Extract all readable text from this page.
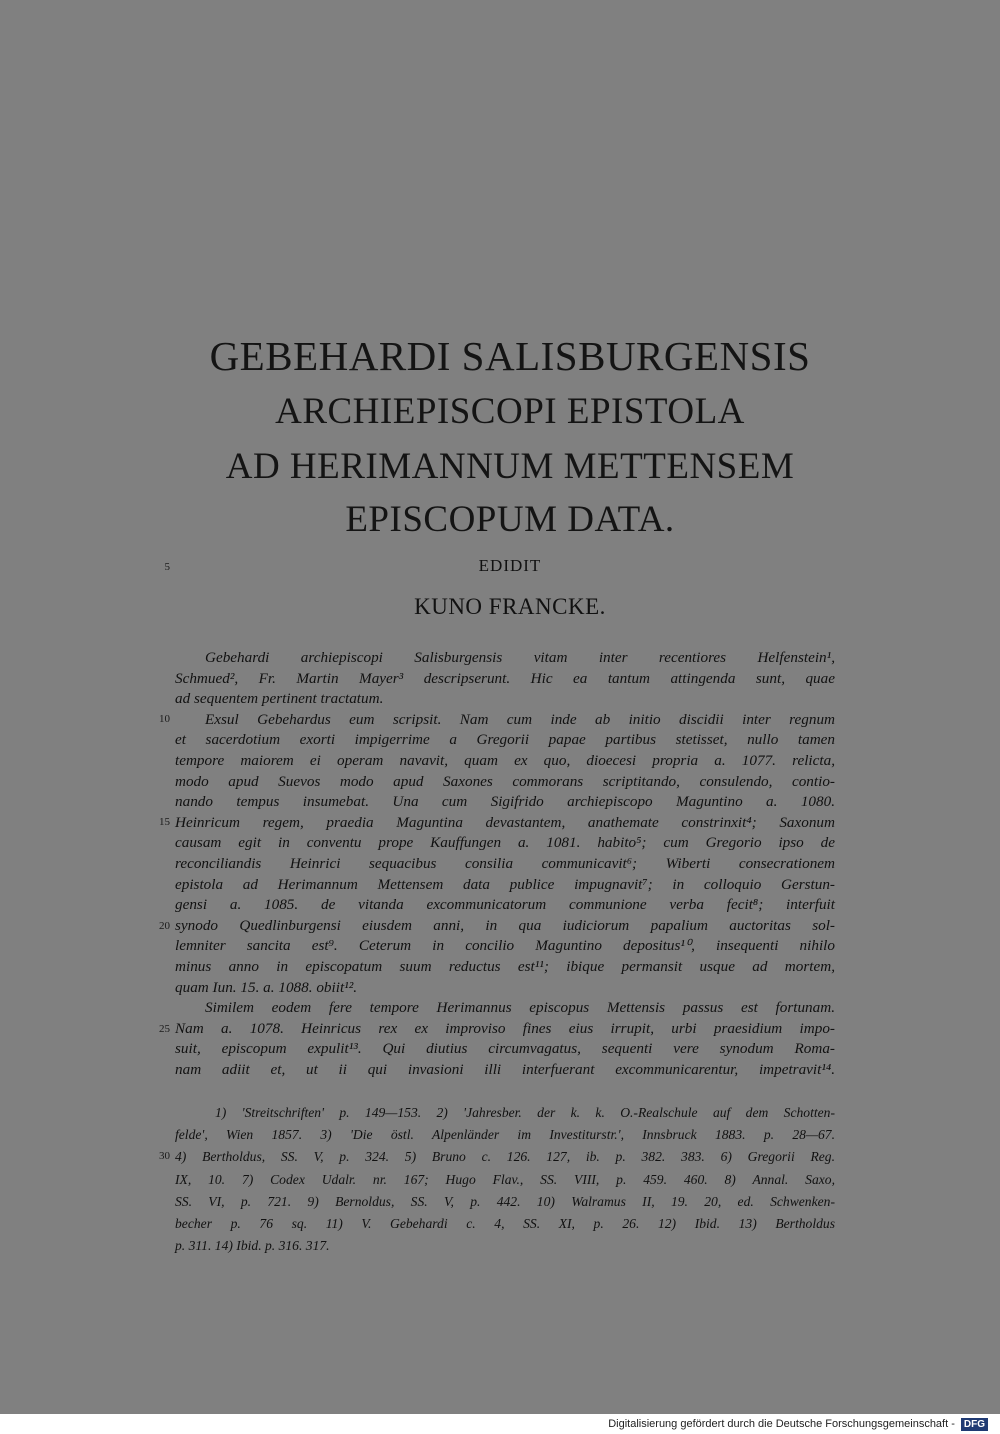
GEBEHARDI SALISBURGENSIS
ARCHIEPISCOPI EPISTOLA
AD HERIMANNUM METTENSEM
EPISCOPUM DATA.
EDIDIT
KUNO FRANCKE.
5
10
15
20
25
30
Gebehardi archiepiscopi Salisburgensis vitam inter recentiores Helfenstein¹,
Schmued², Fr. Martin Mayer³ descripserunt. Hic ea tantum attingenda sunt, quae
ad sequentem pertinent tractatum.
Exsul Gebehardus eum scripsit. Nam cum inde ab initio discidii inter regnum
et sacerdotium exorti impigerrime a Gregorii papae partibus stetisset, nullo tamen
tempore maiorem ei operam navavit, quam ex quo, dioecesi propria a. 1077. relicta,
modo apud Suevos modo apud Saxones commorans scriptitando, consulendo, contio-
nando tempus insumebat. Una cum Sigifrido archiepiscopo Maguntino a. 1080.
Heinricum regem, praedia Maguntina devastantem, anathemate constrinxit⁴; Saxonum
causam egit in conventu prope Kauffungen a. 1081. habito⁵; cum Gregorio ipso de
reconciliandis Heinrici sequacibus consilia communicavit⁶; Wiberti consecrationem
epistola ad Herimannum Mettensem data publice impugnavit⁷; in colloquio Gerstun-
gensi a. 1085. de vitanda excommunicatorum communione verba fecit⁸; interfuit
synodo Quedlinburgensi eiusdem anni, in qua iudiciorum papalium auctoritas sol-
lemniter sancita est⁹. Ceterum in concilio Maguntino depositus¹⁰, insequenti nihilo
minus anno in episcopatum suum reductus est¹¹; ibique permansit usque ad mortem,
quam Iun. 15. a. 1088. obiit¹².
Similem eodem fere tempore Herimannus episcopus Mettensis passus est fortunam.
Nam a. 1078. Heinricus rex ex improviso fines eius irrupit, urbi praesidium impo-
suit, episcopum expulit¹³. Qui diutius circumvagatus, sequenti vere synodum Roma-
nam adiit et, ut ii qui invasioni illi interfuerant excommunicarentur, impetravit¹⁴.
1) 'Streitschriften' p. 149—153. 2) 'Jahresber. der k. k. O.-Realschule auf dem Schotten-
felde', Wien 1857. 3) 'Die östl. Alpenländer im Investiturstr.', Innsbruck 1883. p. 28—67.
4) Bertholdus, SS. V, p. 324. 5) Bruno c. 126. 127, ib. p. 382. 383. 6) Gregorii Reg.
IX, 10. 7) Codex Udalr. nr. 167; Hugo Flav., SS. VIII, p. 459. 460. 8) Annal. Saxo,
SS. VI, p. 721. 9) Bernoldus, SS. V, p. 442. 10) Walramus II, 19. 20, ed. Schwenken-
becher p. 76 sq. 11) V. Gebehardi c. 4, SS. XI, p. 26. 12) Ibid. 13) Bertholdus
p. 311. 14) Ibid. p. 316. 317.
Digitalisierung gefördert durch die Deutsche Forschungsgemeinschaft - DFG
